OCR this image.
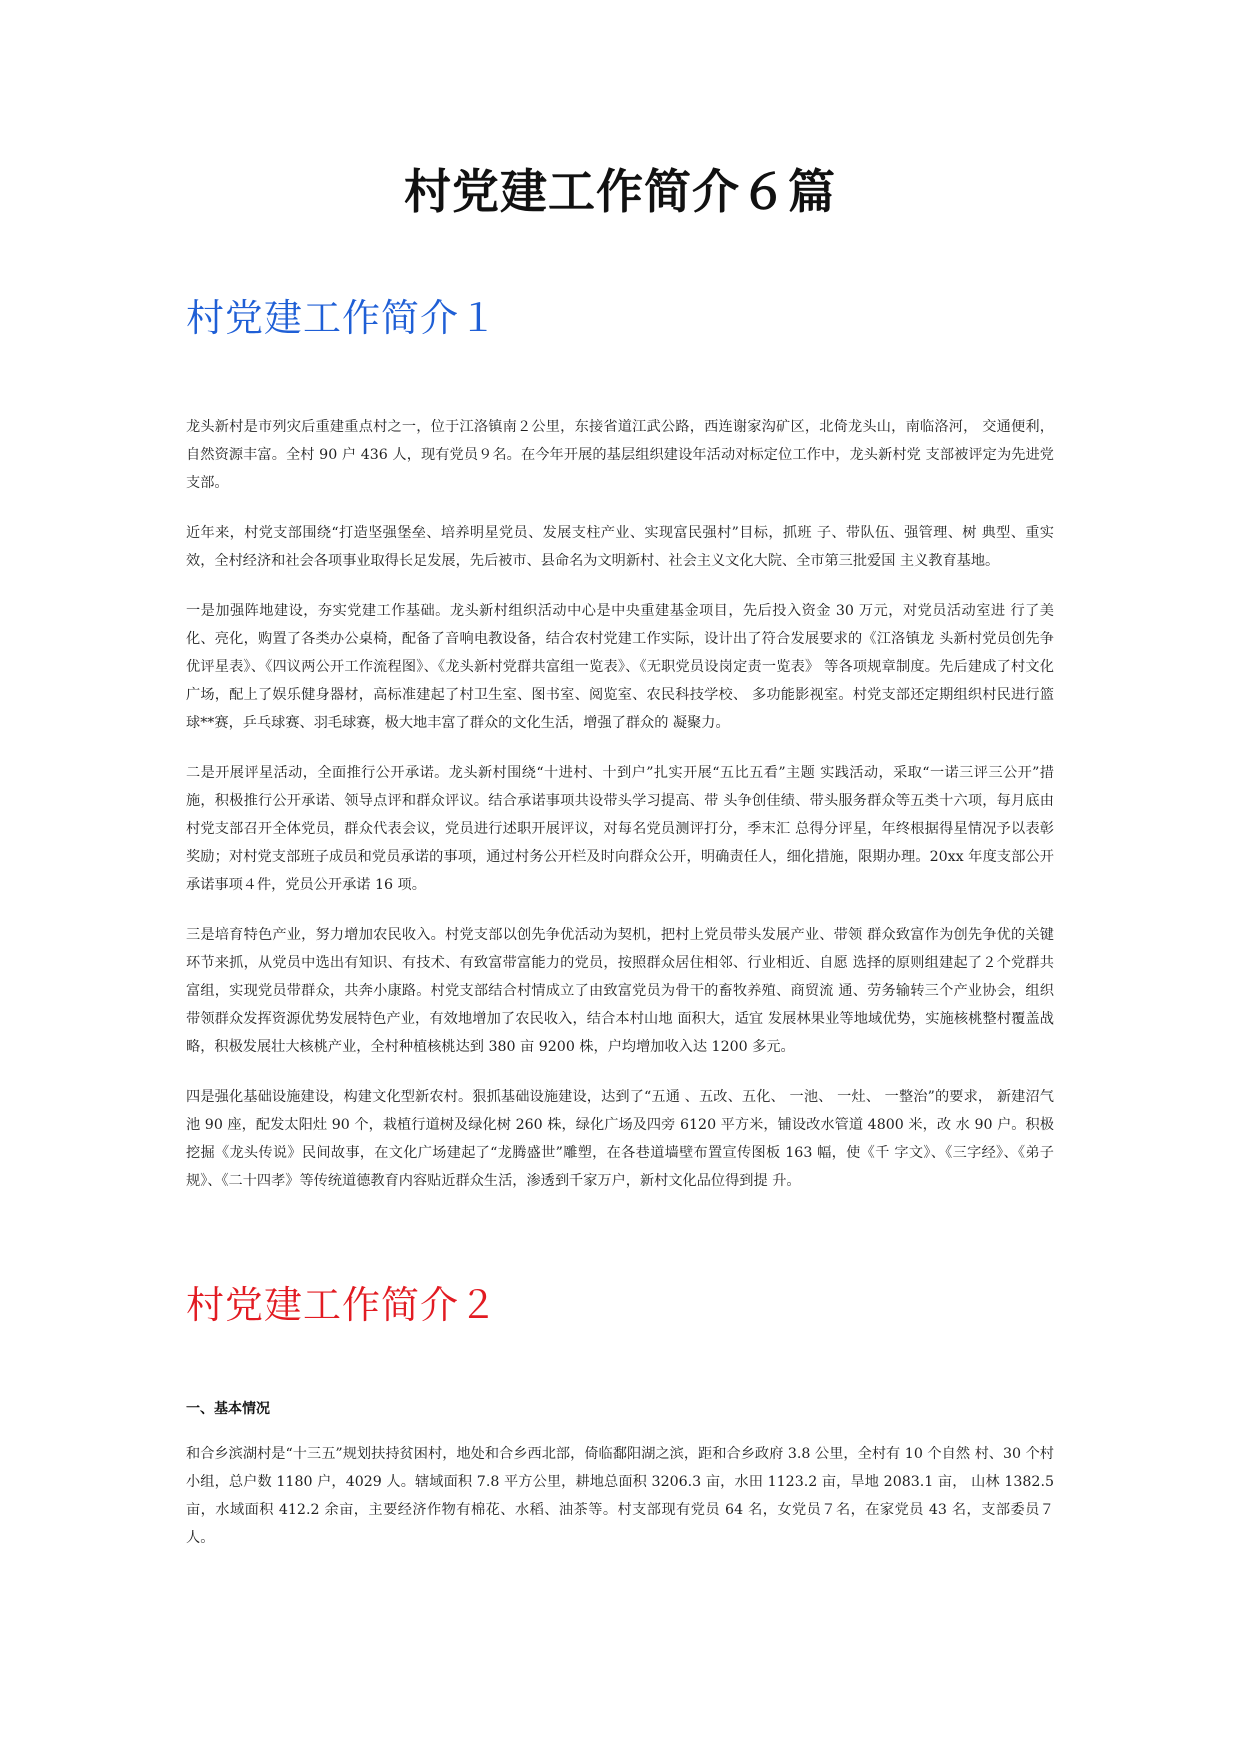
村党建工作简介６篇
村党建工作简介１

龙头新村是市列灾后重建重点村之一，位于江洛镇南２公里，东接省道江武公路，西连谢家沟矿区，北倚龙头山，南临洛河， 交通便利，自然资源丰富。全村 90 户 436 人，现有党员９名。在今年开展的基层组织建设年活动对标定位工作中，龙头新村党 支部被评定为先进党支部。

近年来，村党支部围绕“打造坚强堡垒、培养明星党员、发展支柱产业、实现富民强村”目标，抓班 子、带队伍、强管理、树 典型、重实效，全村经济和社会各项事业取得长足发展，先后被市、县命名为文明新村、社会主义文化大院、全市第三批爱国 主义教育基地。

一是加强阵地建设，夯实党建工作基础。龙头新村组织活动中心是中央重建基金项目，先后投入资金 30 万元，对党员活动室进 行了美化、亮化，购置了各类办公桌椅，配备了音响电教设备，结合农村党建工作实际，设计出了符合发展要求的《江洛镇龙 头新村党员创先争优评星表》、《四议两公开工作流程图》、《龙头新村党群共富组一览表》、《无职党员设岗定责一览表》 等各项规章制度。先后建成了村文化广场，配上了娱乐健身器材，高标准建起了村卫生室、图书室、阅览室、农民科技学校、 多功能影视室。村党支部还定期组织村民进行篮球**赛，乒乓球赛、羽毛球赛，极大地丰富了群众的文化生活，增强了群众的 凝聚力。

二是开展评星活动，全面推行公开承诺。龙头新村围绕“十进村、十到户”扎实开展“五比五看”主题 实践活动，采取“一诺三评三公开”措施，积极推行公开承诺、领导点评和群众评议。结合承诺事项共设带头学习提高、带 头争创佳绩、带头服务群众等五类十六项，每月底由村党支部召开全体党员，群众代表会议，党员进行述职开展评议，对每名党员测评打分，季末汇 总得分评星，年终根据得星情况予以表彰奖励；对村党支部班子成员和党员承诺的事项，通过村务公开栏及时向群众公开，明确责任人，细化措施，限期办理。20xx 年度支部公开承诺事项４件，党员公开承诺 16 项。

三是培育特色产业，努力增加农民收入。村党支部以创先争优活动为契机，把村上党员带头发展产业、带领 群众致富作为创先争优的关键环节来抓，从党员中选出有知识、有技术、有致富带富能力的党员，按照群众居住相邻、行业相近、自愿 选择的原则组建起了２个党群共富组，实现党员带群众，共奔小康路。村党支部结合村情成立了由致富党员为骨干的畜牧养殖、商贸流 通、劳务输转三个产业协会，组织带领群众发挥资源优势发展特色产业，有效地增加了农民收入，结合本村山地 面积大，适宜 发展林果业等地域优势，实施核桃整村覆盖战略，积极发展壮大核桃产业，全村种植核桃达到 380 亩 9200 株，户均增加收入达 1200 多元。

四是强化基础设施建设，构建文化型新农村。狠抓基础设施建设，达到了“五通 、五改、五化、 一池、 一灶、 一整治”的要求， 新建沼气池 90 座，配发太阳灶 90 个，栽植行道树及绿化树 260 株，绿化广场及四旁 6120 平方米，铺设改水管道 4800 米，改 水 90 户。积极挖掘《龙头传说》民间故事，在文化广场建起了“龙腾盛世”雕塑，在各巷道墙壁布置宣传图板 163 幅，使《千 字文》、《三字经》、《弟子规》、《二十四孝》等传统道德教育内容贴近群众生活，渗透到千家万户，新村文化品位得到提 升。

村党建工作简介２
一、基本情况

和合乡滨湖村是“十三五”规划扶持贫困村，地处和合乡西北部，倚临鄱阳湖之滨，距和合乡政府 3.8 公里，全村有 10 个自然 村、30 个村小组，总户数 1180 户，4029 人。辖域面积 7.8 平方公里，耕地总面积 3206.3 亩，水田 1123.2 亩，旱地 2083.1 亩， 山林 1382.5 亩，水域面积 412.2 余亩，主要经济作物有棉花、水稻、油茶等。村支部现有党员 64 名，女党员７名，在家党员 43 名，支部委员７人。
